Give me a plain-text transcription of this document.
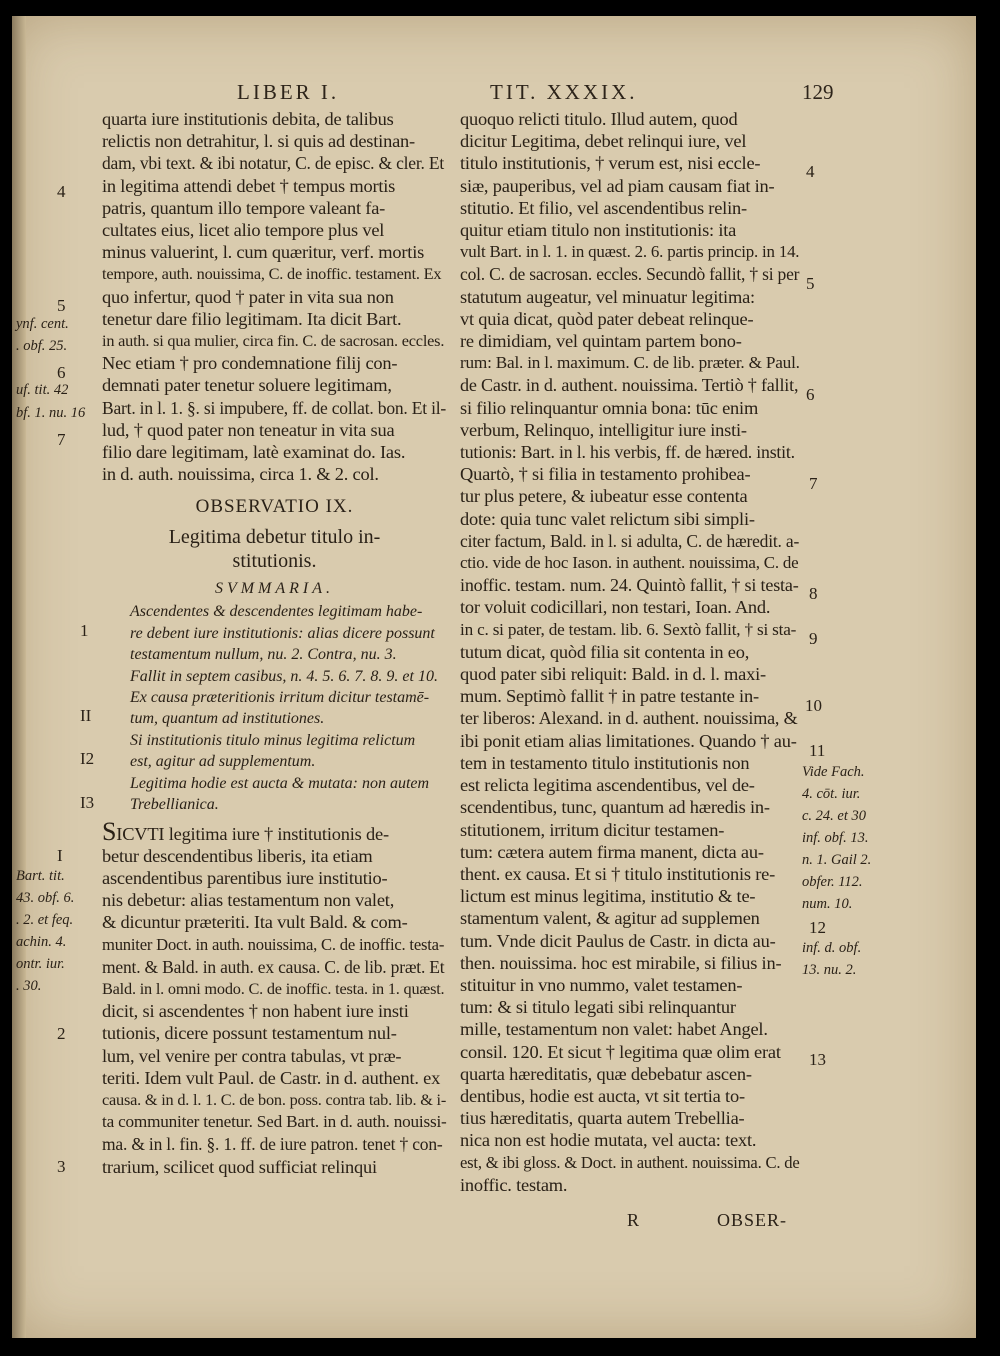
LIBER I.	TIT. XXXIX.	129

quarta iure institutionis debita, de talibus

relictis non detrahitur, l. si quis ad destinan-

dam, vbi text. & ibi notatur, C. de episc. & cler. Et

in legitima attendi debet † tempus mortis

patris, quantum illo tempore valeant fa-

cultates eius, licet alio tempore plus vel

minus valuerint, l. cum quæritur, verf. mortis

tempore, auth. nouissima, C. de inoffic. testament. Ex

quo infertur, quod † pater in vita sua non

tenetur dare filio legitimam. Ita dicit Bart.

in auth. si qua mulier, circa fin. C. de sacrosan. eccles.

Nec etiam † pro condemnatione filij con-

demnati pater tenetur soluere legitimam,

Bart. in l. 1. §. si impubere, ff. de collat. bon. Et il-

lud, † quod pater non teneatur in vita sua

filio dare legitimam, latè examinat do. Ias.

in d. auth. nouissima, circa 1. & 2. col.

OBSERVATIO IX.

Legitima debetur titulo in-

stitutionis.

SVMMARIA.

Ascendentes & descendentes legitimam habe-

re debent iure institutionis: alias dicere possunt

testamentum nullum, nu. 2. Contra, nu. 3.

Fallit in septem casibus, n. 4. 5. 6. 7. 8. 9. et 10.

Ex causa præteritionis irritum dicitur testamē-

tum, quantum ad institutiones.

Si institutionis titulo minus legitima relictum

est, agitur ad supplementum.

Legitima hodie est aucta & mutata: non autem

Trebellianica.

SICVTI legitima iure † institutionis de-

betur descendentibus liberis, ita etiam

ascendentibus parentibus iure institutio-

nis debetur: alias testamentum non valet,

& dicuntur præteriti. Ita vult Bald. & com-

muniter Doct. in auth. nouissima, C. de inoffic. testa-

ment. & Bald. in auth. ex causa. C. de lib. præt. Et

Bald. in l. omni modo. C. de inoffic. testa. in 1. quæst.

dicit, si ascendentes † non habent iure insti

tutionis, dicere possunt testamentum nul-

lum, vel venire per contra tabulas, vt præ-

teriti. Idem vult Paul. de Castr. in d. authent. ex

causa. & in d. l. 1. C. de bon. poss. contra tab. lib. & i-

ta communiter tenetur. Sed Bart. in d. auth. nouissi-

ma. & in l. fin. §. 1. ff. de iure patron. tenet † con-

trarium, scilicet quod sufficiat relinqui

quoquo relicti titulo. Illud autem, quod

dicitur Legitima, debet relinqui iure, vel

titulo institutionis, † verum est, nisi eccle-

siæ, pauperibus, vel ad piam causam fiat in-

stitutio. Et filio, vel ascendentibus relin-

quitur etiam titulo non institutionis: ita

vult Bart. in l. 1. in quæst. 2. 6. partis princip. in 14.

col. C. de sacrosan. eccles. Secundò fallit, † si per

statutum augeatur, vel minuatur legitima:

vt quia dicat, quòd pater debeat relinque-

re dimidiam, vel quintam partem bono-

rum: Bal. in l. maximum. C. de lib. præter. & Paul.

de Castr. in d. authent. nouissima. Tertiò † fallit,

si filio relinquantur omnia bona: tūc enim

verbum, Relinquo, intelligitur iure insti-

tutionis: Bart. in l. his verbis, ff. de hæred. instit.

Quartò, † si filia in testamento prohibea-

tur plus petere, & iubeatur esse contenta

dote: quia tunc valet relictum sibi simpli-

citer factum, Bald. in l. si adulta, C. de hæredit. a-

ctio. vide de hoc Iason. in authent. nouissima, C. de

inoffic. testam. num. 24. Quintò fallit, † si testa-

tor voluit codicillari, non testari, Ioan. And.

in c. si pater, de testam. lib. 6. Sextò fallit, † si sta-

tutum dicat, quòd filia sit contenta in eo,

quod pater sibi reliquit: Bald. in d. l. maxi-

mum. Septimò fallit † in patre testante in-

ter liberos: Alexand. in d. authent. nouissima, &

ibi ponit etiam alias limitationes. Quando † au-

tem in testamento titulo institutionis non

est relicta legitima ascendentibus, vel de-

scendentibus, tunc, quantum ad hæredis in-

stitutionem, irritum dicitur testamen-

tum: cætera autem firma manent, dicta au-

thent. ex causa. Et si † titulo institutionis re-

lictum est minus legitima, institutio & te-

stamentum valent, & agitur ad supplemen

tum. Vnde dicit Paulus de Castr. in dicta au-

then. nouissima. hoc est mirabile, si filius in-

stituitur in vno nummo, valet testamen-

tum: & si titulo legati sibi relinquantur

mille, testamentum non valet: habet Angel.

consil. 120. Et sicut † legitima quæ olim erat

quarta hæreditatis, quæ debebatur ascen-

dentibus, hodie est aucta, vt sit tertia to-

tius hæreditatis, quarta autem Trebellia-

nica non est hodie mutata, vel aucta: text.

est, & ibi gloss. & Doct. in authent. nouissima. C. de

inoffic. testam.

4
5
6
7
1
II
I2
I3
I
2
3
ynf. cent.
. obf. 25.
uf. tit. 42
bf. 1. nu. 16
Bart. tit.
43. obf. 6.
. 2. et feq.
achin. 4.
ontr. iur.
. 30.
4
5
6
7
8
9
10
11
12
13
Vide Fach.
4. cōt. iur.
c. 24. et 30
inf. obf. 13.
n. 1. Gail 2.
obfer. 112.
num. 10.
inf. d. obf.
13. nu. 2.
R	OBSER-
